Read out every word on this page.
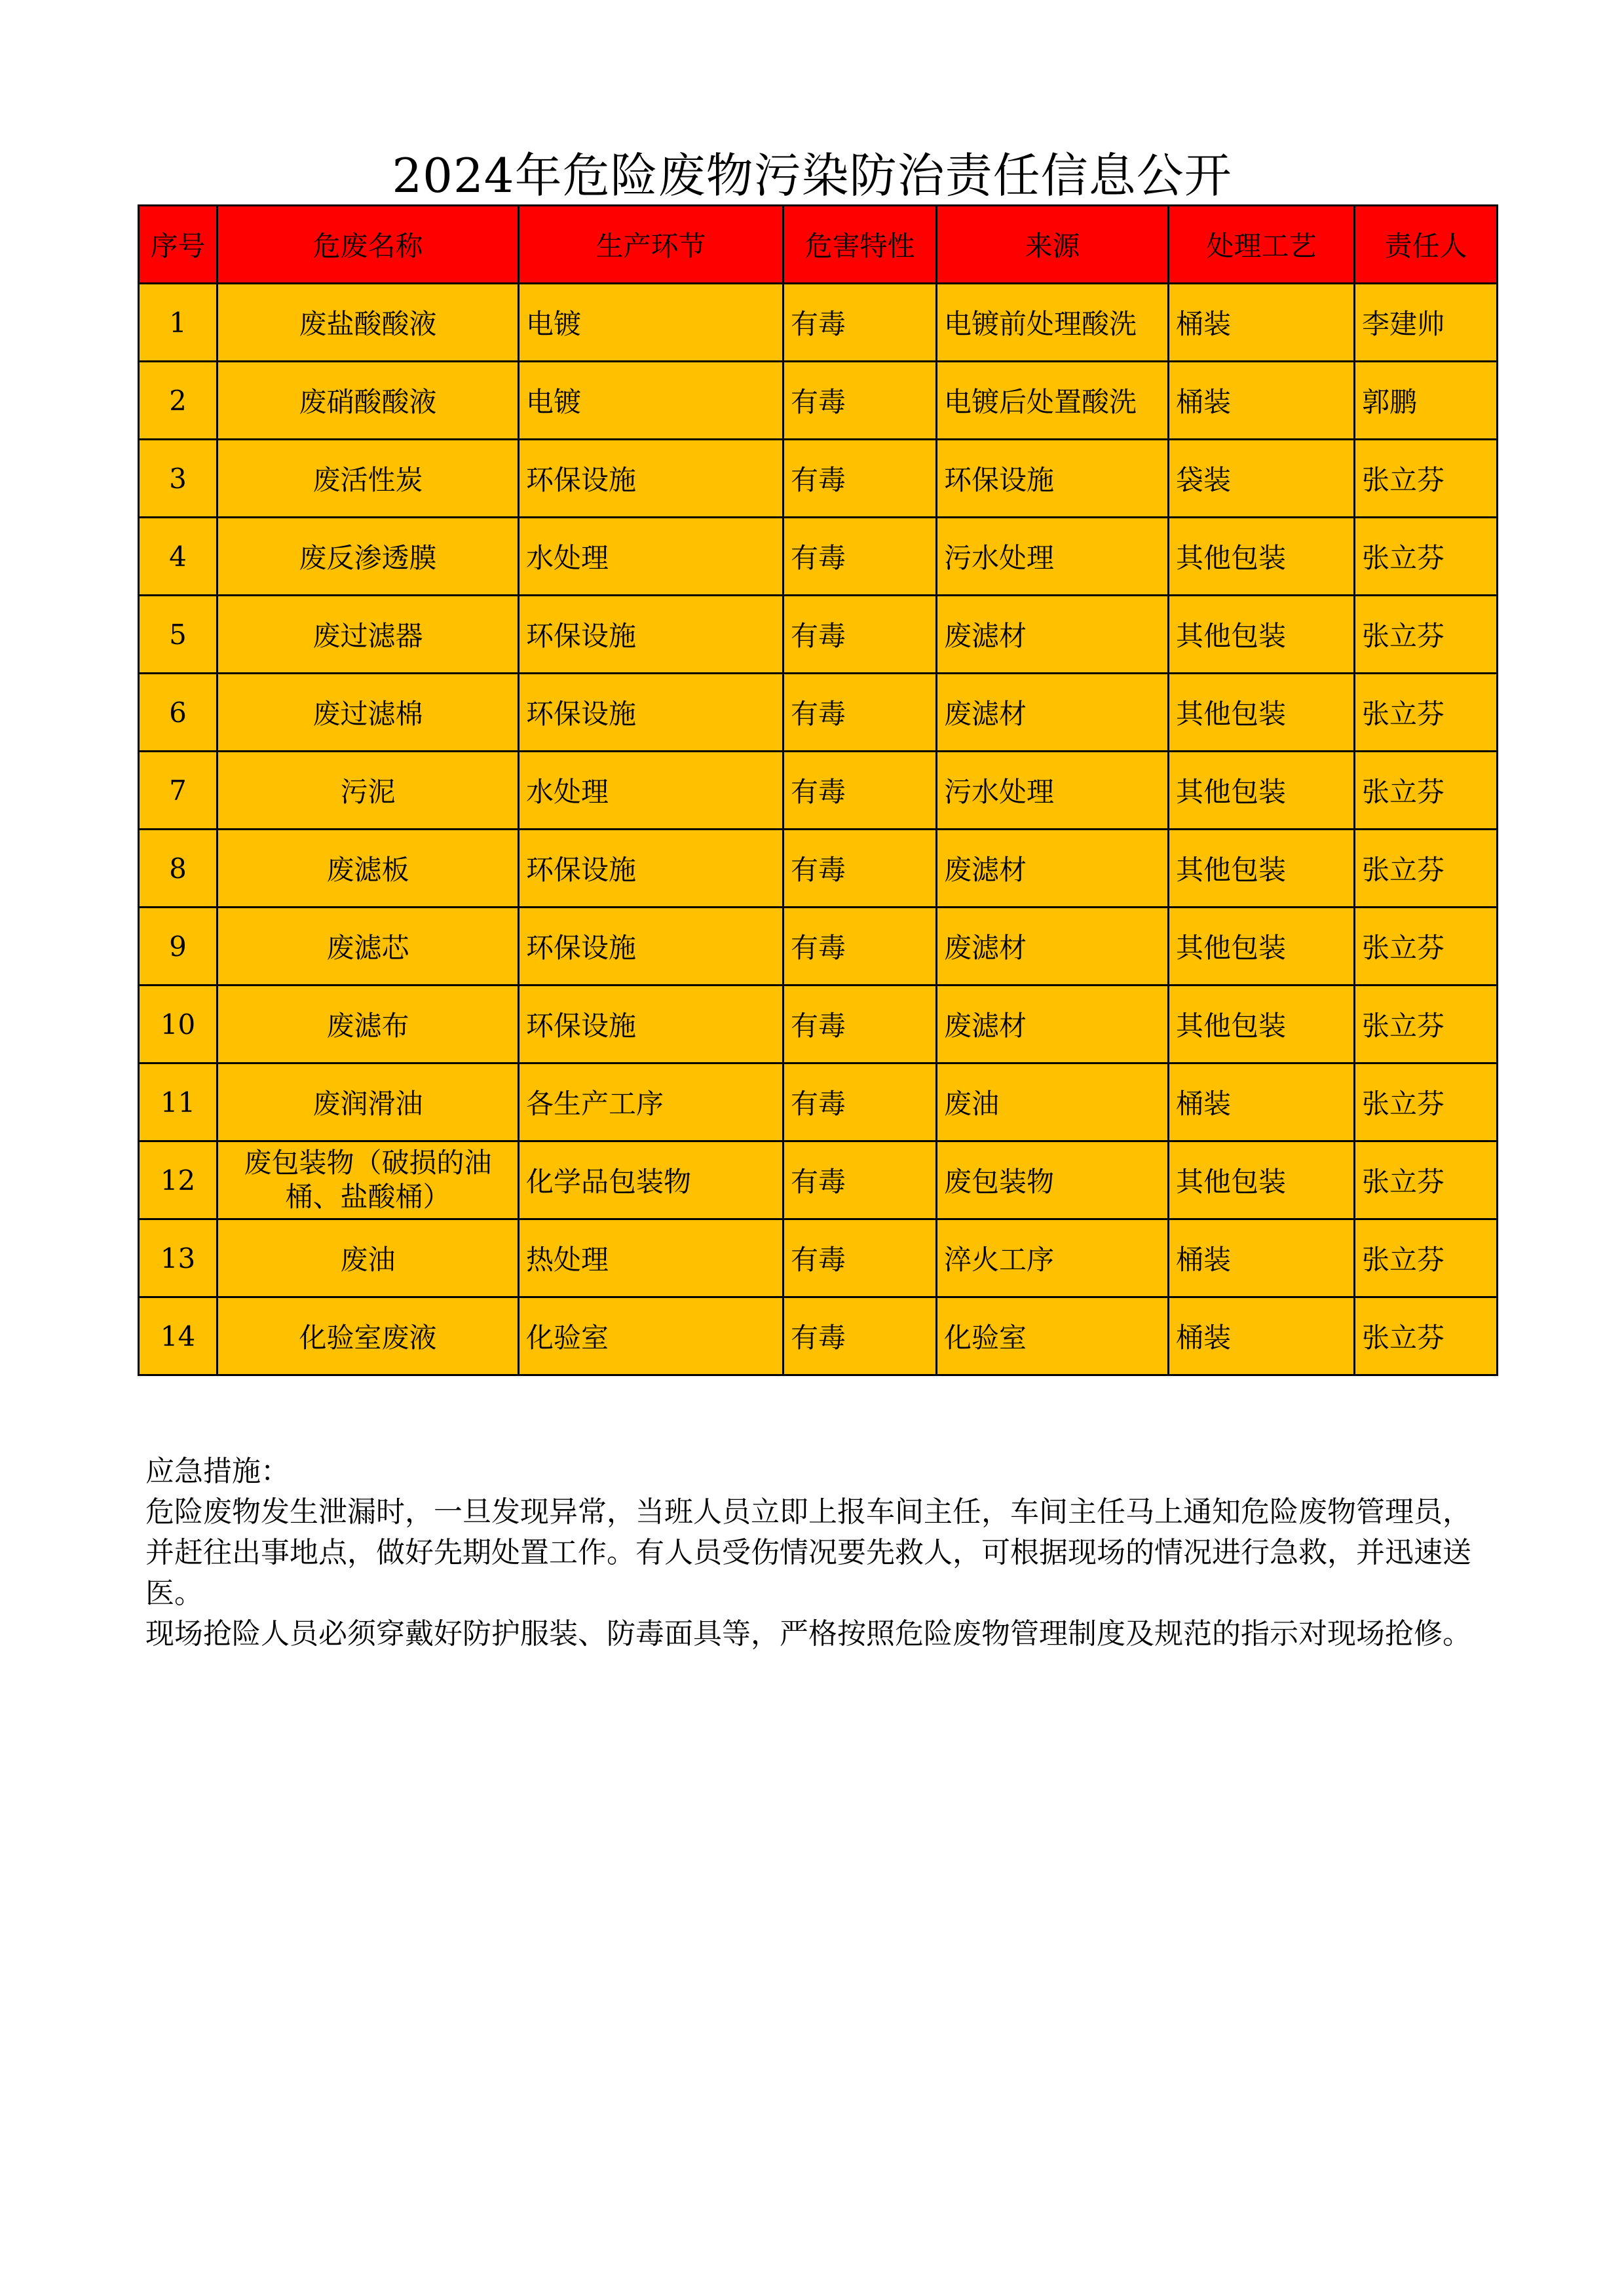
2024年危险废物污染防治责任信息公开
序号	危废名称	生产环节	危害特性	来源	处理工艺	责任人
1	废盐酸酸液	电镀	有毒	电镀前处理酸洗	桶装	李建帅
2	废硝酸酸液	电镀	有毒	电镀后处置酸洗	桶装	郭鹏
3	废活性炭	环保设施	有毒	环保设施	袋装	张立芬
4	废反渗透膜	水处理	有毒	污水处理	其他包装	张立芬
5	废过滤器	环保设施	有毒	废滤材	其他包装	张立芬
6	废过滤棉	环保设施	有毒	废滤材	其他包装	张立芬
7	污泥	水处理	有毒	污水处理	其他包装	张立芬
8	废滤板	环保设施	有毒	废滤材	其他包装	张立芬
9	废滤芯	环保设施	有毒	废滤材	其他包装	张立芬
10	废滤布	环保设施	有毒	废滤材	其他包装	张立芬
11	废润滑油	各生产工序	有毒	废油	桶装	张立芬
12	废包装物（破损的油桶、盐酸桶）	化学品包装物	有毒	废包装物	其他包装	张立芬
13	废油	热处理	有毒	淬火工序	桶装	张立芬
14	化验室废液	化验室	有毒	化验室	桶装	张立芬

应急措施：

危险废物发生泄漏时，一旦发现异常，当班人员立即上报车间主任，车间主任马上通知危险废物管理员，并赶往出事地点，做好先期处置工作。有人员受伤情况要先救人，可根据现场的情况进行急救，并迅速送医。

现场抢险人员必须穿戴好防护服装、防毒面具等，严格按照危险废物管理制度及规范的指示对现场抢修。
